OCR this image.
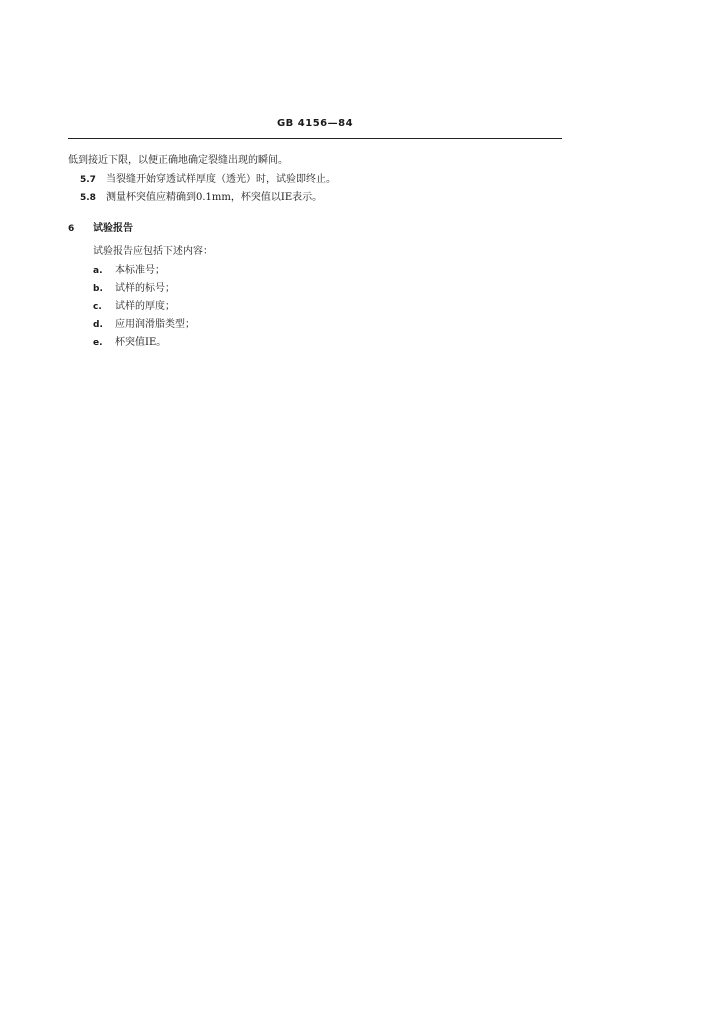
GB 4156—84
低到接近下限，以便正确地确定裂缝出现的瞬间。
5.7 当裂缝开始穿透试样厚度（透光）时，试验即终止。
5.8 测量杯突值应精确到0.1mm，杯突值以IE表示。
6 试验报告
试验报告应包括下述内容：
a. 本标准号；
b. 试样的标号；
c. 试样的厚度；
d. 应用润滑脂类型；
e. 杯突值IE。
